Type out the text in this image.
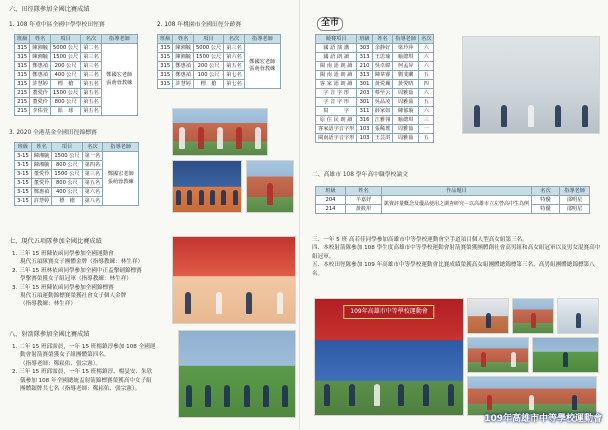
六、田徑隊參加全國比賽成績
1. 108 年重中區全國中學學校田徑賽
班級	姓名	項目	名次	指導老師
315	陳湘毓	5000 公尺	第二名	鄭國宏老師張萌蓉教練
315	陳湘毓	1500 公尺	第三名	
315	鄭惠禎	200 公尺	第三名	
315	鄭惠禎	400 公尺	第三名	
315	許慧婷	標　槍	第五名	
215	董愛伶	1500 公尺	第五名	
215	董愛伶	800 公尺	第五名	
215	李佑萱	鉛　球	第五名	
2. 108 年桃園市全國田徑分齡賽
班級	姓名	項目	名次	指導老師
315	陳湘毓	5000 公尺	第三名	鄭國宏老師張萌蓉教練
315	陳湘毓	1500 公尺	第六名	
315	鄭惠禎	200 公尺	第五名	
315	鄭惠禎	100 公尺	第七名	
315	許慧婷	標　槍	第七名	
3. 2020 全港基金全國田徑錦標賽
班級	姓名	項目	名次	指導老師
3-15	陳湘毓	1500 公尺	第一名	鄭國宏老師張萌蓉教練
3-15	陳湘毓	800 公尺	第四名	
3-15	董愛伶	1500 公尺	第三名	
3-15	董愛伶	800 公尺	第五名	
3-15	鄭惠禎	400 公尺	第六名	
3-15	許慧婷	標　槍	第八名	
七、現代五項隊參加全國比賽成績
1. 三年 15 班陳依函同學參加全國運動會
現代五項隊賽女子團體金牌（指導教練：林生祥）
2. 三年 15 班林依函同學參加全國中正盃擊劍錦標賽
學擊賽榮獲女子組冠軍（指導教練：林生祥）
3. 三年 15 班陳依函同學參加全國錦標賽
現代五項運動錦標賽榮獲社會女子個人金牌
（指導教練：林生祥）
八、射箭隊參加全國比賽成績
1. 二年 15 班邱霈晨，一年 15 班楊鎮淳參加 108 全國運
動會射箭賽榮獲女子組團體第四名。
（指導老師：鄭崧佑、張宗憲）。
2. 三年 15 班邱霈晨，一年 15 班楊鎮淳、楊旻安、朱欣
儀參加 108 年全國總統盃射箭錦標賽榮獲高中女子組
團體銀牌共七名（指導老師：鄭崧佑、張宗憲）。
全市
競賽項目	班級	姓名	指導老師	名次
國 語 演 講	303	余静好	梁玲萍	六
國 語 朗 讀	313	王思瑜	喻總琪	六
閩 南 語 朗 讀	210	吳卓緯	柯孟昇	六
閩 南 語 朗 讀	313	陳韋睿	劉斐蘭	五
客 家 語 朗 讀	301	黃愛珮	黃愛晴	四
字 音 字 形	203	蔡至云	周雅茹	六
字 音 字 形	301	吳品凌	周雅茹	五
寫　　　字	311	薛家如	陳郁璇	六
原 住 民 朗 讀	316	江雅翎	喻總琪	三
客家語字音字形	103	張稀瑤	周雅茹	一
閩南語字音字形	103	王芸淇	周雅茹	五
二、高雄市 108 學年高中職學校論文
班級	姓名	作品題目	名次	指導老師
204	羊嘉妤	凱資評量概念及優品使用之調查研究－以高雄市立左營高中生為例	特優	邵明星
214	黃筱彤		特優	邵明星
三、一年 5 班 高若佳同學參加高雄市中等學校運動會空手道項目個人型高女組第三名。
四、本校射箭隊參加 108 學生度高雄市中等學校運動會射箭賽榮獲團體創社會高男組和高女組冠軍以及男女混賽高中組冠軍。
五、本校田徑隊參加 109 年高雄市中等學校運動會比賽成績榮獲高女組團體總錦標第三名、高男組團體總錦標第八名。
109年高雄市中等學校運動會
109年高雄市中等學校運動會
